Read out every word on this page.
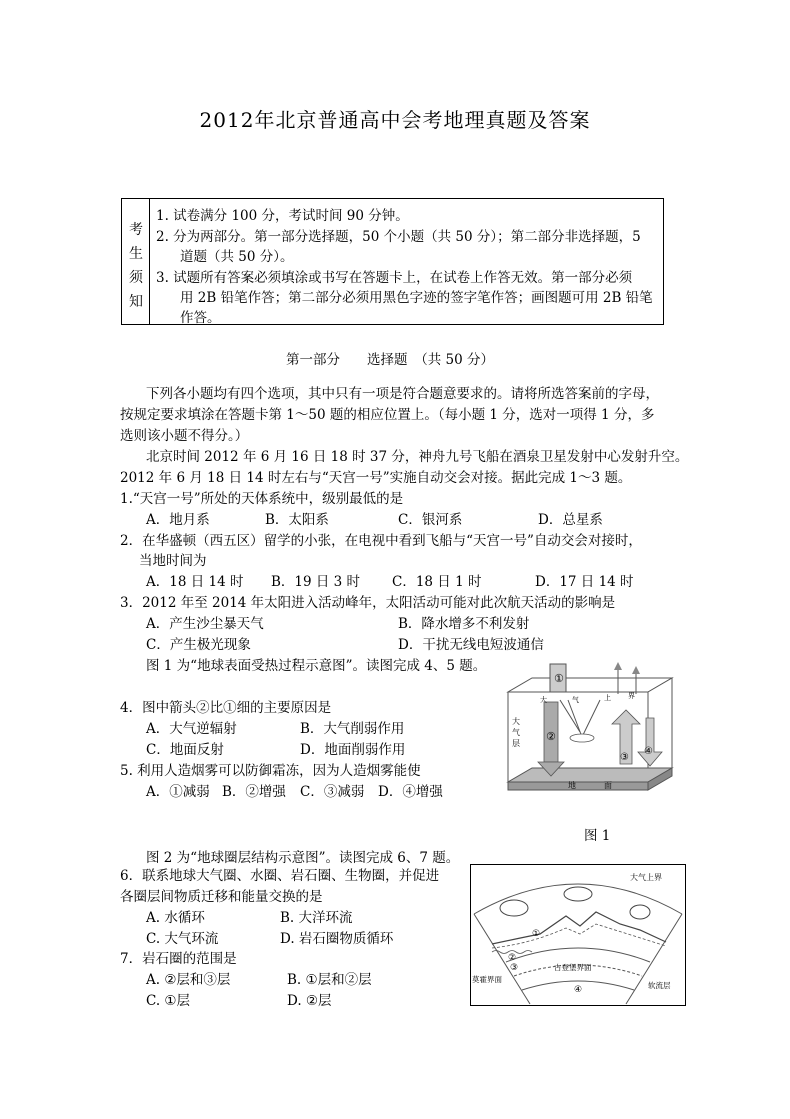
2012年北京普通高中会考地理真题及答案
考
生
须
知
1. 试卷满分 100 分，考试时间 90 分钟。
2. 分为两部分。第一部分选择题，50 个小题（共 50 分）；第二部分非选择题，5
道题（共 50 分）。
3. 试题所有答案必须填涂或书写在答题卡上，在试卷上作答无效。第一部分必须
用 2B 铅笔作答；第二部分必须用黑色字迹的签字笔作答；画图题可用 2B 铅笔
作答。
第一部分　　选择题　（共 50 分）
下列各小题均有四个选项，其中只有一项是符合题意要求的。请将所选答案前的字母，
按规定要求填涂在答题卡第 1～50 题的相应位置上。（每小题 1 分，选对一项得 1 分，多
选则该小题不得分。）
北京时间 2012 年 6 月 16 日 18 时 37 分，神舟九号飞船在酒泉卫星发射中心发射升空。
2012 年 6 月 18 日 14 时左右与“天宫一号”实施自动交会对接。据此完成 1～3 题。
1.“天宫一号”所处的天体系统中，级别最低的是
A．地月系	B．太阳系	C．银河系	D．总星系
2．在华盛顿（西五区）留学的小张，在电视中看到飞船与“天宫一号”自动交会对接时，
当地时间为
A．18 日 14 时 B．19 日 3 时 C．18 日 1 时	D．17 日 14 时
3．2012 年至 2014 年太阳进入活动峰年，太阳活动可能对此次航天活动的影响是
A．产生沙尘暴天气	B．降水增多不利发射
C．产生极光现象	D．干扰无线电短波通信
图 1 为“地球表面受热过程示意图”。读图完成 4、5 题。
4．图中箭头②比①细的主要原因是
A．大气逆辐射	B．大气削弱作用
C．地面反射	D．地面削弱作用
5. 利用人造烟雾可以防御霜冻，因为人造烟雾能使
A．①减弱 B．②增强 C．③减弱 D．④增强
①
②
③
④
大
气
层
地	面
大	气	上 界
图 1
图 2 为“地球圈层结构示意图”。读图完成 6、7 题。
6．联系地球大气圈、水圈、岩石圈、生物圈，并促进
各圈层间物质迁移和能量交换的是
A. 水循环	B. 大洋环流
C. 大气环流	D. 岩石圈物质循环
7．岩石圈的范围是
A. ②层和③层	B. ①层和②层
C. ①层	D. ②层
大气上界
莫霍界面
古登堡界面
软流层
①
②
③
④
